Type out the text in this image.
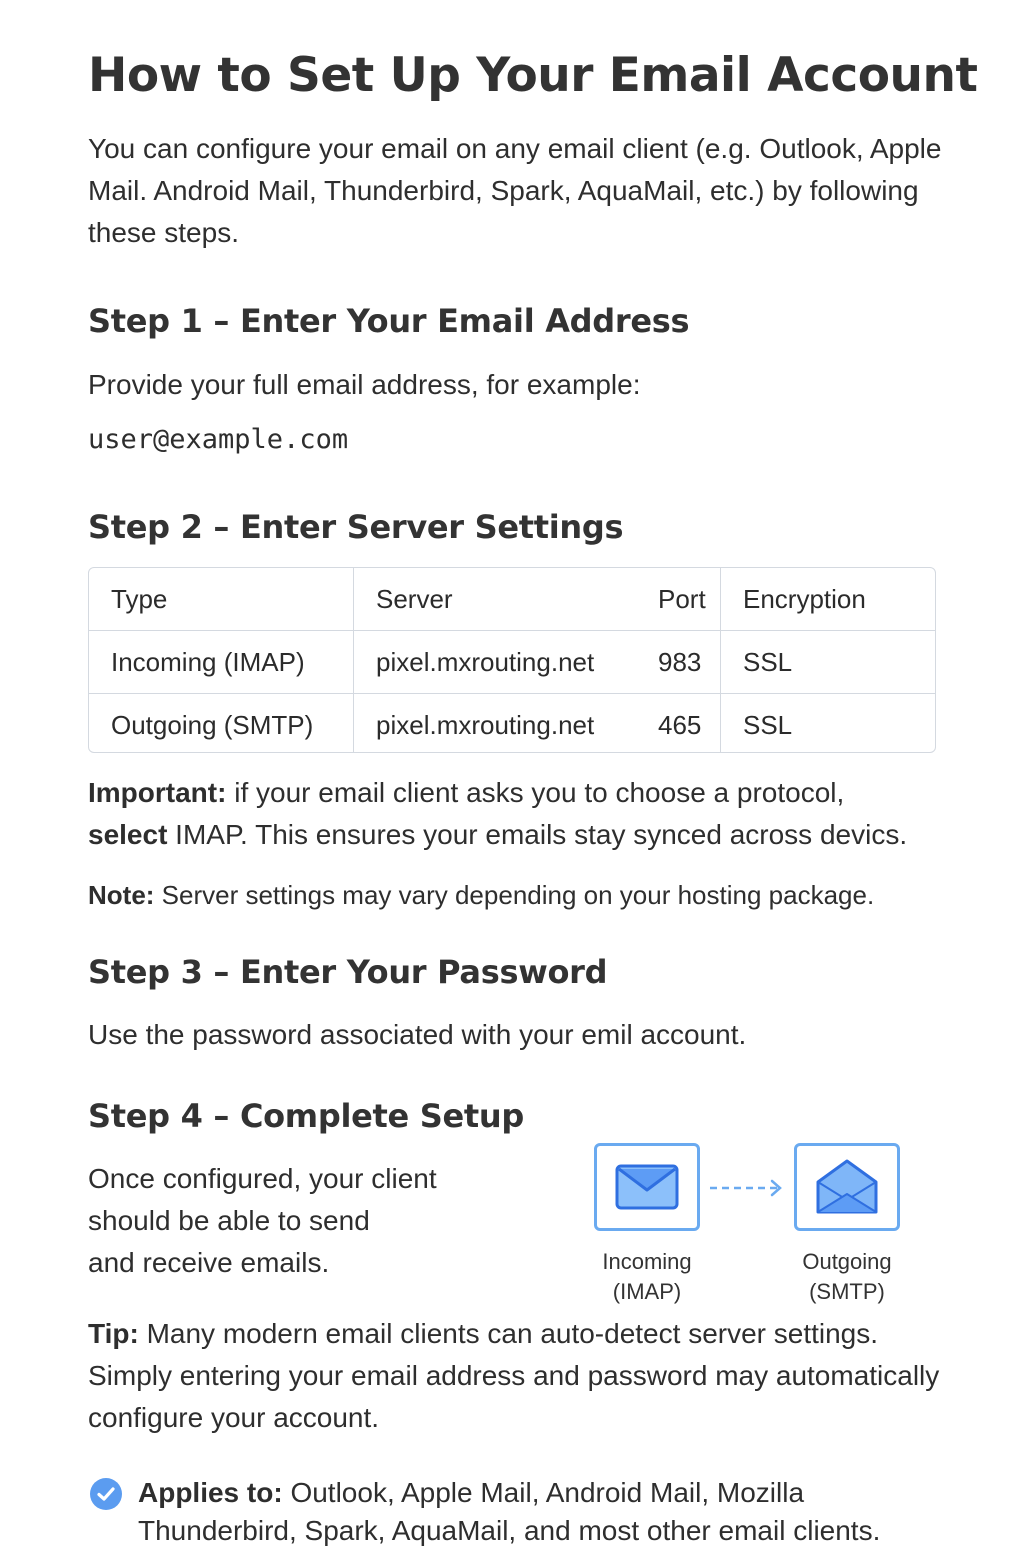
How to Set Up Your Email Account

You can configure your email on any email client (e.g. Outlook, Apple Mail. Android Mail, Thunderbird, Spark, AquaMail, etc.) by following these steps.

Step 1 – Enter Your Email Address

Provide your full email address, for example:

user@example.com

Step 2 – Enter Server Settings
Type	Server	Port	Encryption
Incoming (IMAP)	pixel.mxrouting.net	983	SSL
Outgoing (SMTP)	pixel.mxrouting.net	465	SSL

Important: if your email client asks you to choose a protocol,
select IMAP. This ensures your emails stay synced across devics.

Note: Server settings may vary depending on your hosting package.

Step 3 – Enter Your Password

Use the password associated with your emil account.

Step 4 – Complete Setup

Once configured, your client
should be able to send
and receive emails.	Incoming
(IMAP)
Outgoing
(SMTP)

Tip: Many modern email clients can auto-detect server settings. Simply entering your email address and password may automatically configure your account.

Applies to: Outlook, Apple Mail, Android Mail, Mozilla Thunderbird, Spark, AquaMail, and most other email clients.
